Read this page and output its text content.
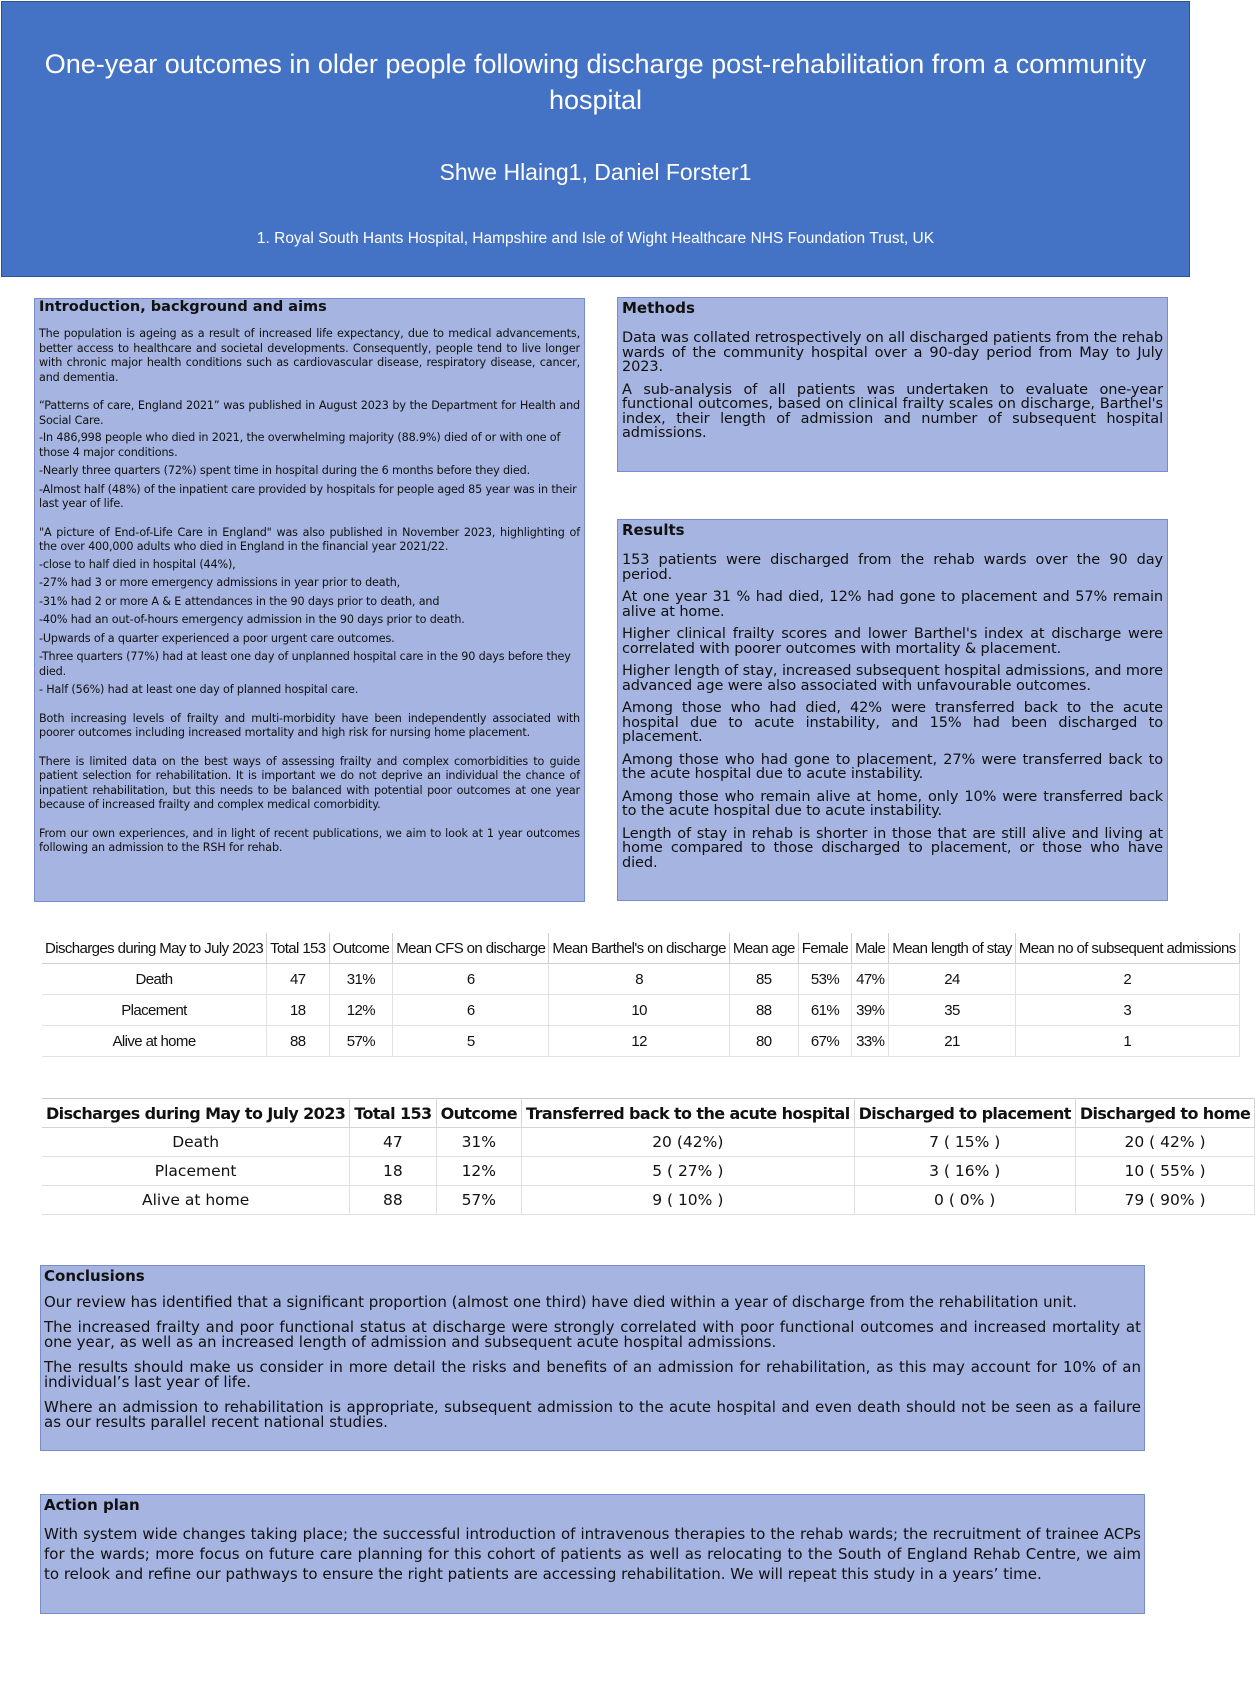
One-year outcomes in older people following discharge post-rehabilitation from a community hospital
Shwe Hlaing1, Daniel Forster1
1. Royal South Hants Hospital, Hampshire and Isle of Wight Healthcare NHS Foundation Trust, UK
Introduction, background and aims

The population is ageing as a result of increased life expectancy, due to medical advancements, better access to healthcare and societal developments. Consequently, people tend to live longer with chronic major health conditions such as cardiovascular disease, respiratory disease, cancer, and dementia.

“Patterns of care, England 2021” was published in August 2023 by the Department for Health and Social Care.

-In 486,998 people who died in 2021, the overwhelming majority (88.9%) died of or with one of those 4 major conditions.
-Nearly three quarters (72%) spent time in hospital during the 6 months before they died.
-Almost half (48%) of the inpatient care provided by hospitals for people aged 85 year was in their last year of life.

"A picture of End-of-Life Care in England" was also published in November 2023, highlighting of the over 400,000 adults who died in England in the financial year 2021/22.

-close to half died in hospital (44%),
-27% had 3 or more emergency admissions in year prior to death,
-31% had 2 or more A & E attendances in the 90 days prior to death, and
-40% had an out-of-hours emergency admission in the 90 days prior to death.
-Upwards of a quarter experienced a poor urgent care outcomes.
-Three quarters (77%) had at least one day of unplanned hospital care in the 90 days before they died.
- Half (56%) had at least one day of planned hospital care.

Both increasing levels of frailty and multi-morbidity have been independently associated with poorer outcomes including increased mortality and high risk for nursing home placement.

There is limited data on the best ways of assessing frailty and complex comorbidities to guide patient selection for rehabilitation. It is important we do not deprive an individual the chance of inpatient rehabilitation, but this needs to be balanced with potential poor outcomes at one year because of increased frailty and complex medical comorbidity.

From our own experiences, and in light of recent publications, we aim to look at 1 year outcomes following an admission to the RSH for rehab.

Methods

Data was collated retrospectively on all discharged patients from the rehab wards of the community hospital over a 90-day period from May to July 2023.

A sub-analysis of all patients was undertaken to evaluate one-year functional outcomes, based on clinical frailty scales on discharge, Barthel's index, their length of admission and number of subsequent hospital admissions.

Results

153 patients were discharged from the rehab wards over the 90 day period.

At one year 31 % had died, 12% had gone to placement and 57% remain alive at home.

Higher clinical frailty scores and lower Barthel's index at discharge were correlated with poorer outcomes with mortality & placement.

Higher length of stay, increased subsequent hospital admissions, and more advanced age were also associated with unfavourable outcomes.

Among those who had died, 42% were transferred back to the acute hospital due to acute instability, and 15% had been discharged to placement.

Among those who had gone to placement, 27% were transferred back to the acute hospital due to acute instability.

Among those who remain alive at home, only 10% were transferred back to the acute hospital due to acute instability.

Length of stay in rehab is shorter in those that are still alive and living at home compared to those discharged to placement, or those who have died.

Discharges during May to July 2023	Total 153	Outcome	Mean CFS on discharge	Mean Barthel's on discharge	Mean age	Female	Male	Mean length of stay	Mean no of subsequent admissions
Death	47	31%	6	8	85	53%	47%	24	2
Placement	18	12%	6	10	88	61%	39%	35	3
Alive at home	88	57%	5	12	80	67%	33%	21	1
Discharges during May to July 2023	Total 153	Outcome	Transferred back to the acute hospital	Discharged to placement	Discharged to home
Death	47	31%	20 (42%)	7 ( 15% )	20 ( 42% )
Placement	18	12%	5 ( 27% )	3 ( 16% )	10 ( 55% )
Alive at home	88	57%	9 ( 10% )	0 ( 0% )	79 ( 90% )
Conclusions

Our review has identified that a significant proportion (almost one third) have died within a year of discharge from the rehabilitation unit.

The increased frailty and poor functional status at discharge were strongly correlated with poor functional outcomes and increased mortality at one year, as well as an increased length of admission and subsequent acute hospital admissions.

The results should make us consider in more detail the risks and benefits of an admission for rehabilitation, as this may account for 10% of an individual’s last year of life.

Where an admission to rehabilitation is appropriate, subsequent admission to the acute hospital and even death should not be seen as a failure as our results parallel recent national studies.

Action plan

With system wide changes taking place; the successful introduction of intravenous therapies to the rehab wards; the recruitment of trainee ACPs for the wards; more focus on future care planning for this cohort of patients as well as relocating to the South of England Rehab Centre, we aim to relook and refine our pathways to ensure the right patients are accessing rehabilitation. We will repeat this study in a years’ time.
